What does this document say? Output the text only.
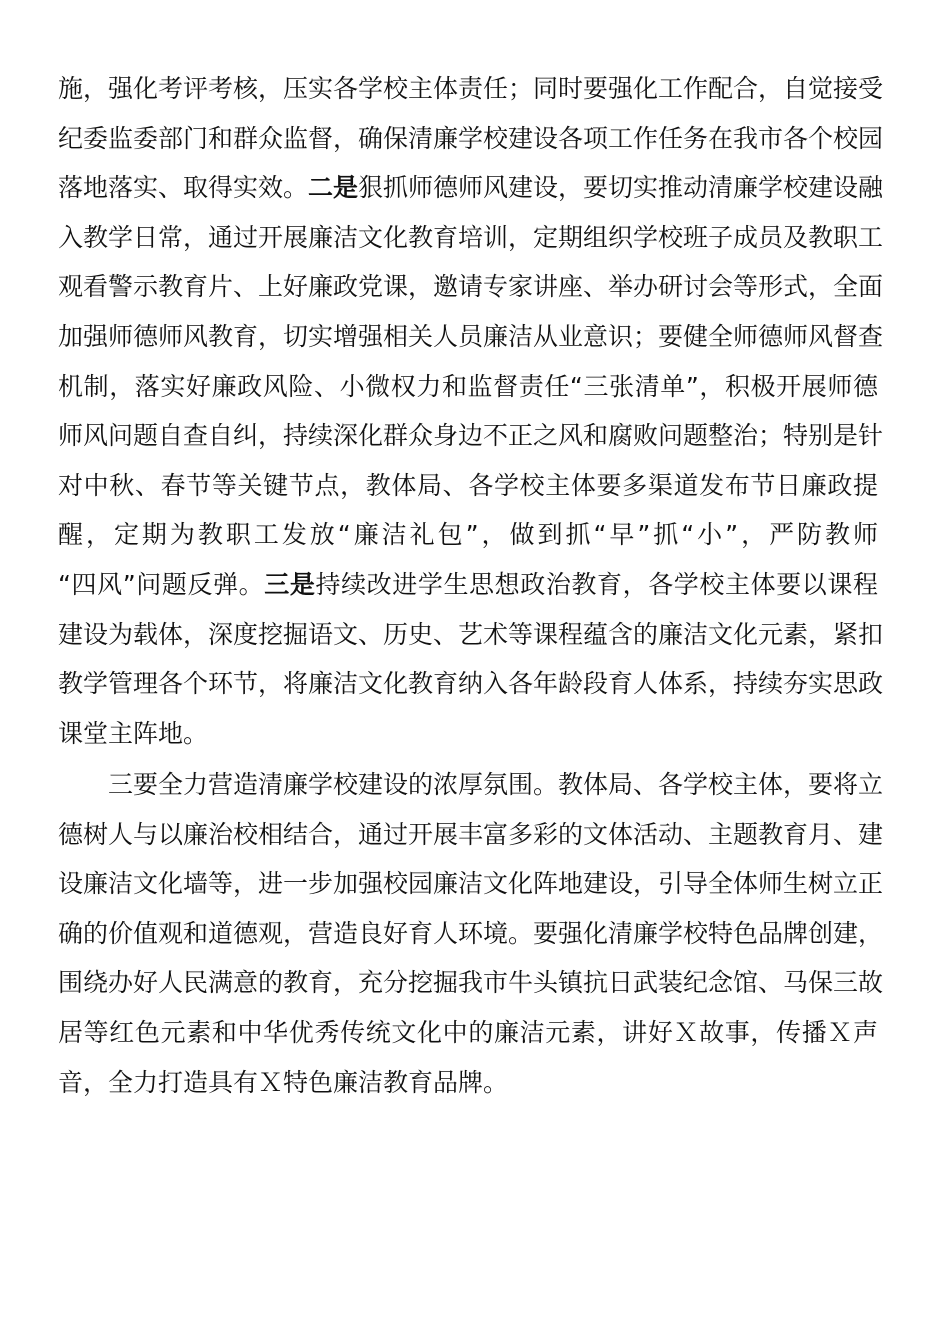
施，强化考评考核，压实各学校主体责任；同时要强化工作配合，自觉接受
纪委监委部门和群众监督，确保清廉学校建设各项工作任务在我市各个校园
落地落实、取得实效。二是狠抓师德师风建设，要切实推动清廉学校建设融
入教学日常，通过开展廉洁文化教育培训，定期组织学校班子成员及教职工
观看警示教育片、上好廉政党课，邀请专家讲座、举办研讨会等形式，全面
加强师德师风教育，切实增强相关人员廉洁从业意识；要健全师德师风督查
机制，落实好廉政风险、小微权力和监督责任“三张清单”，积极开展师德
师风问题自查自纠，持续深化群众身边不正之风和腐败问题整治；特别是针
对中秋、春节等关键节点，教体局、各学校主体要多渠道发布节日廉政提
醒，定期为教职工发放“廉洁礼包”，做到抓“早”抓“小”，严防教师
“四风”问题反弹。三是持续改进学生思想政治教育，各学校主体要以课程
建设为载体，深度挖掘语文、历史、艺术等课程蕴含的廉洁文化元素，紧扣
教学管理各个环节，将廉洁文化教育纳入各年龄段育人体系，持续夯实思政
课堂主阵地。
三要全力营造清廉学校建设的浓厚氛围。教体局、各学校主体，要将立
德树人与以廉治校相结合，通过开展丰富多彩的文体活动、主题教育月、建
设廉洁文化墙等，进一步加强校园廉洁文化阵地建设，引导全体师生树立正
确的价值观和道德观，营造良好育人环境。要强化清廉学校特色品牌创建，
围绕办好人民满意的教育，充分挖掘我市牛头镇抗日武装纪念馆、马保三故
居等红色元素和中华优秀传统文化中的廉洁元素，讲好Ｘ故事，传播Ｘ声
音，全力打造具有Ｘ特色廉洁教育品牌。
